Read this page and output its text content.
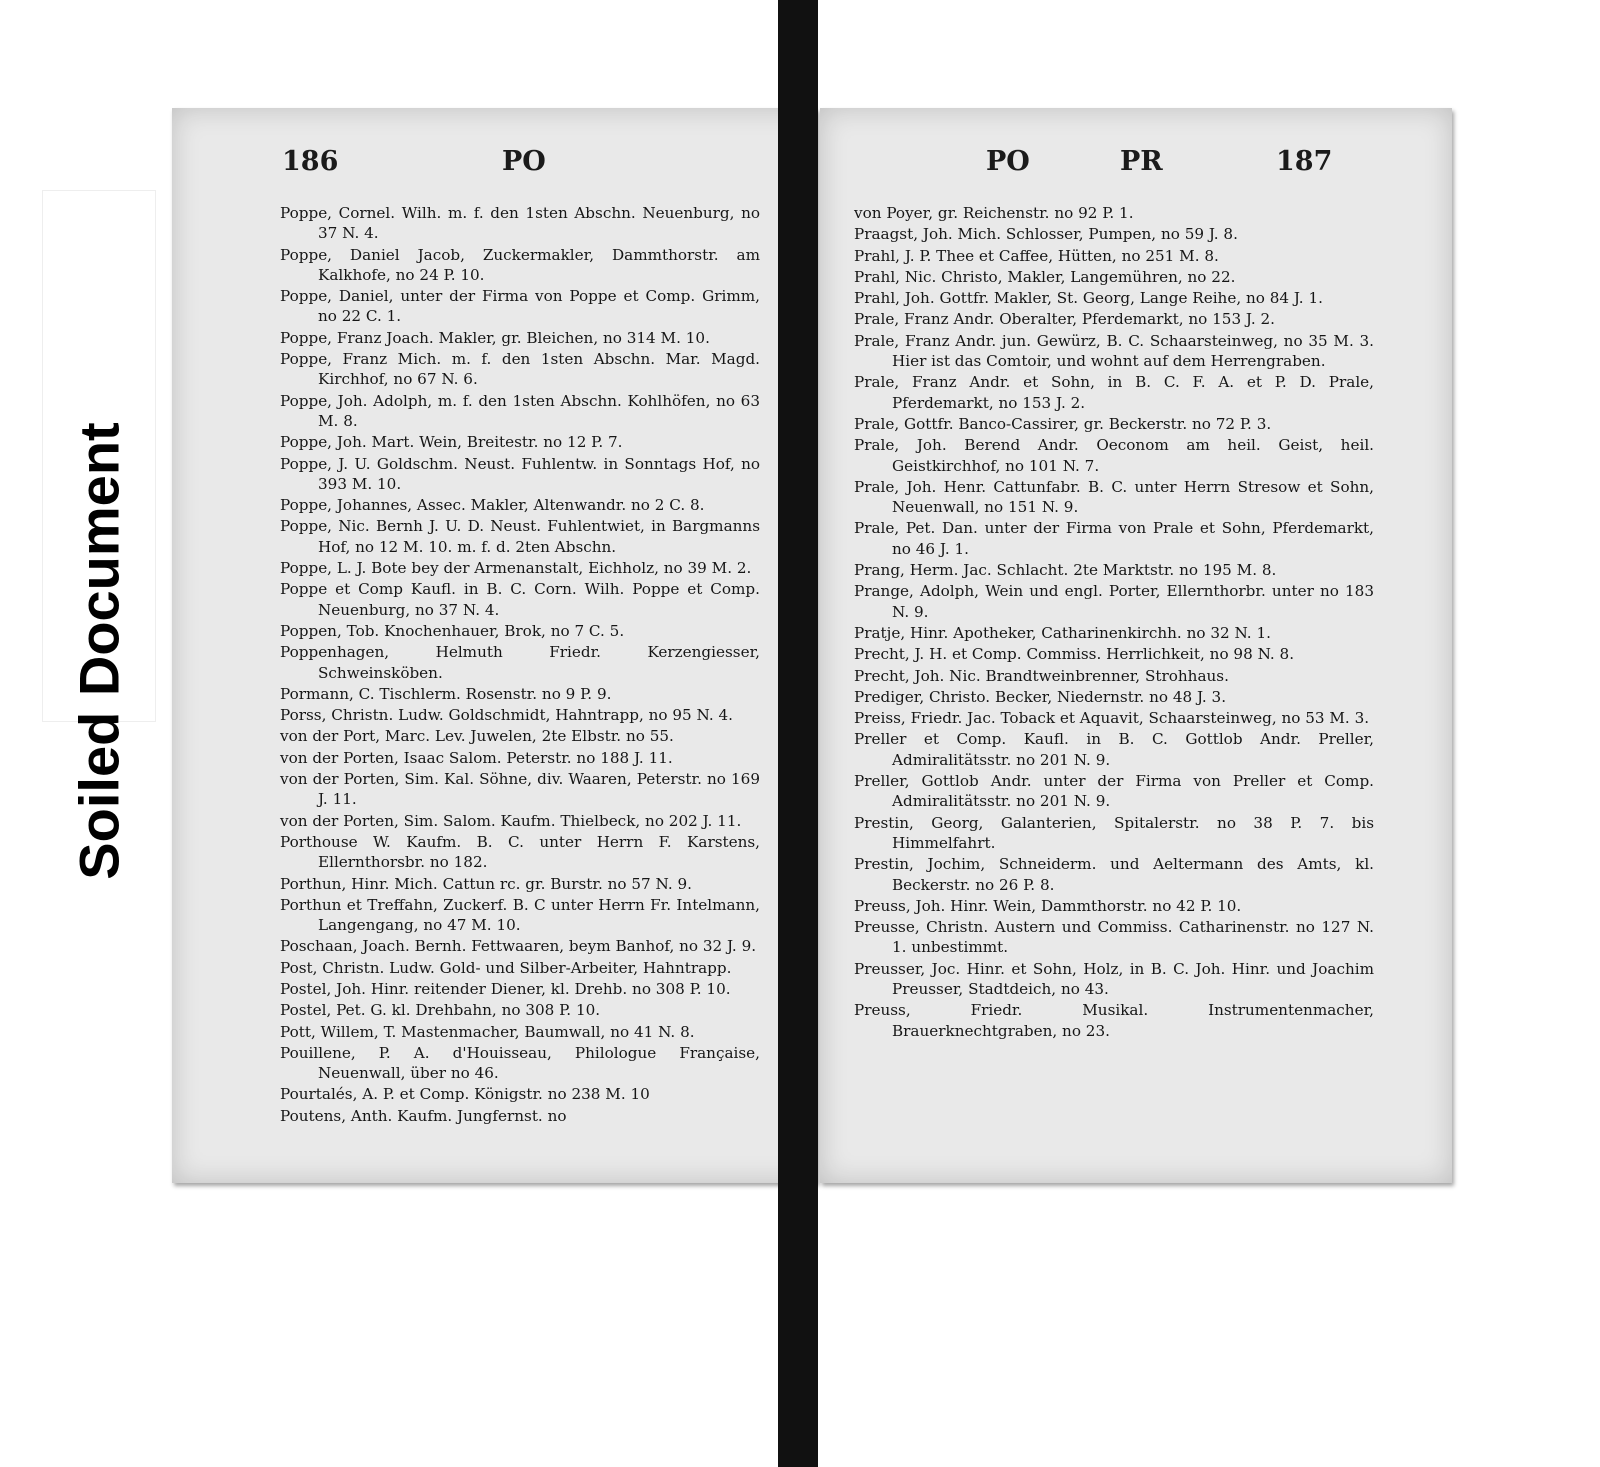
Soiled Document
186	PO
Poppe, Cornel. Wilh. m. f. den 1sten Abschn. Neuenburg, no 37 N. 4.
Poppe, Daniel Jacob, Zuckermakler, Dammthorstr. am Kalkhofe, no 24 P. 10.
Poppe, Daniel, unter der Firma von Poppe et Comp. Grimm, no 22 C. 1.
Poppe, Franz Joach. Makler, gr. Bleichen, no 314 M. 10.
Poppe, Franz Mich. m. f. den 1sten Abschn. Mar. Magd. Kirchhof, no 67 N. 6.
Poppe, Joh. Adolph, m. f. den 1sten Abschn. Kohlhöfen, no 63 M. 8.
Poppe, Joh. Mart. Wein, Breitestr. no 12 P. 7.
Poppe, J. U. Goldschm. Neust. Fuhlentw. in Sonntags Hof, no 393 M. 10.
Poppe, Johannes, Assec. Makler, Altenwandr. no 2 C. 8.
Poppe, Nic. Bernh J. U. D. Neust. Fuhlentwiet, in Bargmanns Hof, no 12 M. 10. m. f. d. 2ten Abschn.
Poppe, L. J. Bote bey der Armenanstalt, Eichholz, no 39 M. 2.
Poppe et Comp Kaufl. in B. C. Corn. Wilh. Poppe et Comp. Neuenburg, no 37 N. 4.
Poppen, Tob. Knochenhauer, Brok, no 7 C. 5.
Poppenhagen, Helmuth Friedr. Kerzengiesser, Schweinsköben.
Pormann, C. Tischlerm. Rosenstr. no 9 P. 9.
Porss, Christn. Ludw. Goldschmidt, Hahntrapp, no 95 N. 4.
von der Port, Marc. Lev. Juwelen, 2te Elbstr. no 55.
von der Porten, Isaac Salom. Peterstr. no 188 J. 11.
von der Porten, Sim. Kal. Söhne, div. Waaren, Peterstr. no 169 J. 11.
von der Porten, Sim. Salom. Kaufm. Thielbeck, no 202 J. 11.
Porthouse W. Kaufm. B. C. unter Herrn F. Karstens, Ellernthorsbr. no 182.
Porthun, Hinr. Mich. Cattun rc. gr. Burstr. no 57 N. 9.
Porthun et Treffahn, Zuckerf. B. C unter Herrn Fr. Intelmann, Langengang, no 47 M. 10.
Poschaan, Joach. Bernh. Fettwaaren, beym Banhof, no 32 J. 9.
Post, Christn. Ludw. Gold- und Silber-Arbeiter, Hahntrapp.
Postel, Joh. Hinr. reitender Diener, kl. Drehb. no 308 P. 10.
Postel, Pet. G. kl. Drehbahn, no 308 P. 10.
Pott, Willem, T. Mastenmacher, Baumwall, no 41 N. 8.
Pouillene, P. A. d'Houisseau, Philologue Française, Neuenwall, über no 46.
Pourtalés, A. P. et Comp. Königstr. no 238 M. 10
Poutens, Anth. Kaufm. Jungfernst. no
PO	PR	187
von Poyer, gr. Reichenstr. no 92 P. 1.
Praagst, Joh. Mich. Schlosser, Pumpen, no 59 J. 8.
Prahl, J. P. Thee et Caffee, Hütten, no 251 M. 8.
Prahl, Nic. Christo, Makler, Langemühren, no 22.
Prahl, Joh. Gottfr. Makler, St. Georg, Lange Reihe, no 84 J. 1.
Prale, Franz Andr. Oberalter, Pferdemarkt, no 153 J. 2.
Prale, Franz Andr. jun. Gewürz, B. C. Schaarsteinweg, no 35 M. 3. Hier ist das Comtoir, und wohnt auf dem Herrengraben.
Prale, Franz Andr. et Sohn, in B. C. F. A. et P. D. Prale, Pferdemarkt, no 153 J. 2.
Prale, Gottfr. Banco-Cassirer, gr. Beckerstr. no 72 P. 3.
Prale, Joh. Berend Andr. Oeconom am heil. Geist, heil. Geistkirchhof, no 101 N. 7.
Prale, Joh. Henr. Cattunfabr. B. C. unter Herrn Stresow et Sohn, Neuenwall, no 151 N. 9.
Prale, Pet. Dan. unter der Firma von Prale et Sohn, Pferdemarkt, no 46 J. 1.
Prang, Herm. Jac. Schlacht. 2te Marktstr. no 195 M. 8.
Prange, Adolph, Wein und engl. Porter, Ellernthorbr. unter no 183 N. 9.
Pratje, Hinr. Apotheker, Catharinenkirchh. no 32 N. 1.
Precht, J. H. et Comp. Commiss. Herrlichkeit, no 98 N. 8.
Precht, Joh. Nic. Brandtweinbrenner, Strohhaus.
Prediger, Christo. Becker, Niedernstr. no 48 J. 3.
Preiss, Friedr. Jac. Toback et Aquavit, Schaarsteinweg, no 53 M. 3.
Preller et Comp. Kaufl. in B. C. Gottlob Andr. Preller, Admiralitätsstr. no 201 N. 9.
Preller, Gottlob Andr. unter der Firma von Preller et Comp. Admiralitätsstr. no 201 N. 9.
Prestin, Georg, Galanterien, Spitalerstr. no 38 P. 7. bis Himmelfahrt.
Prestin, Jochim, Schneiderm. und Aeltermann des Amts, kl. Beckerstr. no 26 P. 8.
Preuss, Joh. Hinr. Wein, Dammthorstr. no 42 P. 10.
Preusse, Christn. Austern und Commiss. Catharinenstr. no 127 N. 1. unbestimmt.
Preusser, Joc. Hinr. et Sohn, Holz, in B. C. Joh. Hinr. und Joachim Preusser, Stadtdeich, no 43.
Preuss, Friedr. Musikal. Instrumentenmacher, Brauerknechtgraben, no 23.
